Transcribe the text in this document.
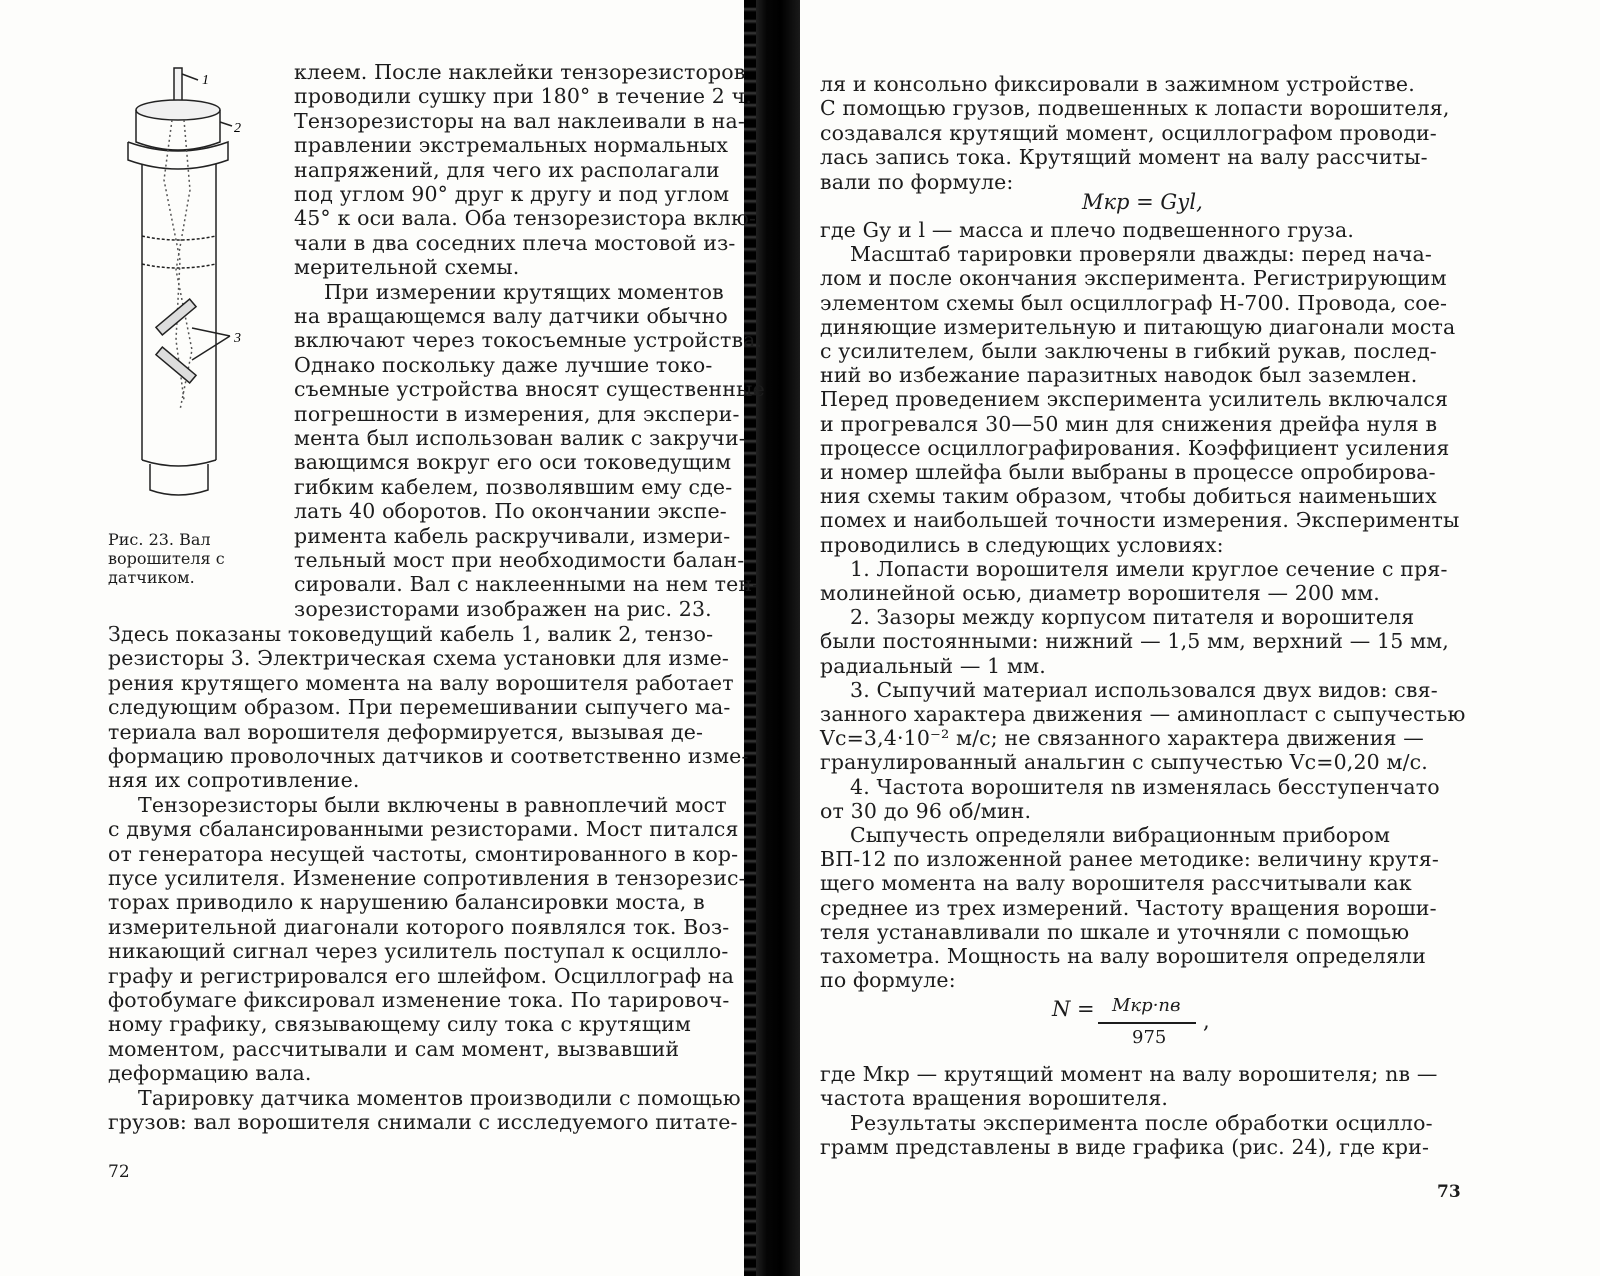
1
2
3
Рис. 23. Вал
ворошителя с
датчиком.

клеем. После наклейки тензорезисторов

проводили сушку при 180° в течение 2 ч.

Тензорезисторы на вал наклеивали в на-

правлении экстремальных нормальных

напряжений, для чего их располагали

под углом 90° друг к другу и под углом

45° к оси вала. Оба тензорезистора вклю-

чали в два соседних плеча мостовой из-

мерительной схемы.

При измерении крутящих моментов

на вращающемся валу датчики обычно

включают через токосъемные устройства.

Однако поскольку даже лучшие токо-

съемные устройства вносят существенные

погрешности в измерения, для экспери-

мента был использован валик с закручи-

вающимся вокруг его оси токоведущим

гибким кабелем, позволявшим ему сде-

лать 40 оборотов. По окончании экспе-

римента кабель раскручивали, измери-

тельный мост при необходимости балан-

сировали. Вал с наклеенными на нем тен-

зорезисторами изображен на рис. 23.

Здесь показаны токоведущий кабель 1, валик 2, тензо-

резисторы 3. Электрическая схема установки для изме-

рения крутящего момента на валу ворошителя работает

следующим образом. При перемешивании сыпучего ма-

териала вал ворошителя деформируется, вызывая де-

формацию проволочных датчиков и соответственно изме-

няя их сопротивление.

Тензорезисторы были включены в равноплечий мост

с двумя сбалансированными резисторами. Мост питался

от генератора несущей частоты, смонтированного в кор-

пусе усилителя. Изменение сопротивления в тензорезис-

торах приводило к нарушению балансировки моста, в

измерительной диагонали которого появлялся ток. Воз-

никающий сигнал через усилитель поступал к осцилло-

графу и регистрировался его шлейфом. Осциллограф на

фотобумаге фиксировал изменение тока. По тарировоч-

ному графику, связывающему силу тока с крутящим

моментом, рассчитывали и сам момент, вызвавший

деформацию вала.

Тарировку датчика моментов производили с помощью

грузов: вал ворошителя снимали с исследуемого питате-

72

ля и консольно фиксировали в зажимном устройстве.

С помощью грузов, подвешенных к лопасти ворошителя,

создавался крутящий момент, осциллографом проводи-

лась запись тока. Крутящий момент на валу рассчиты-

вали по формуле:

где Gу и l — масса и плечо подвешенного груза.

Масштаб тарировки проверяли дважды: перед нача-

лом и после окончания эксперимента. Регистрирующим

элементом схемы был осциллограф Н-700. Провода, сое-

диняющие измерительную и питающую диагонали моста

с усилителем, были заключены в гибкий рукав, послед-

ний во избежание паразитных наводок был заземлен.

Перед проведением эксперимента усилитель включался

и прогревался 30—50 мин для снижения дрейфа нуля в

процессе осциллографирования. Коэффициент усиления

и номер шлейфа были выбраны в процессе опробирова-

ния схемы таким образом, чтобы добиться наименьших

помех и наибольшей точности измерения. Эксперименты

проводились в следующих условиях:

1. Лопасти ворошителя имели круглое сечение с пря-

молинейной осью, диаметр ворошителя — 200 мм.

2. Зазоры между корпусом питателя и ворошителя

были постоянными: нижний — 1,5 мм, верхний — 15 мм,

радиальный — 1 мм.

3. Сыпучий материал использовался двух видов: свя-

занного характера движения — аминопласт с сыпучестью

Vс=3,4·10⁻² м/с; не связанного характера движения —

гранулированный анальгин с сыпучестью Vс=0,20 м/с.

4. Частота ворошителя nв изменялась бесступенчато

от 30 до 96 об/мин.

Сыпучесть определяли вибрационным прибором

ВП-12 по изложенной ранее методике: величину крутя-

щего момента на валу ворошителя рассчитывали как

среднее из трех измерений. Частоту вращения вороши-

теля устанавливали по шкале и уточняли с помощью

тахометра. Мощность на валу ворошителя определяли

по формуле:

где Mкр — крутящий момент на валу ворошителя; nв —

частота вращения ворошителя.

Результаты эксперимента после обработки осцилло-

грамм представлены в виде графика (рис. 24), где кри-

Mкр = Gуl,
N = Mкр·nв
975
,
73
